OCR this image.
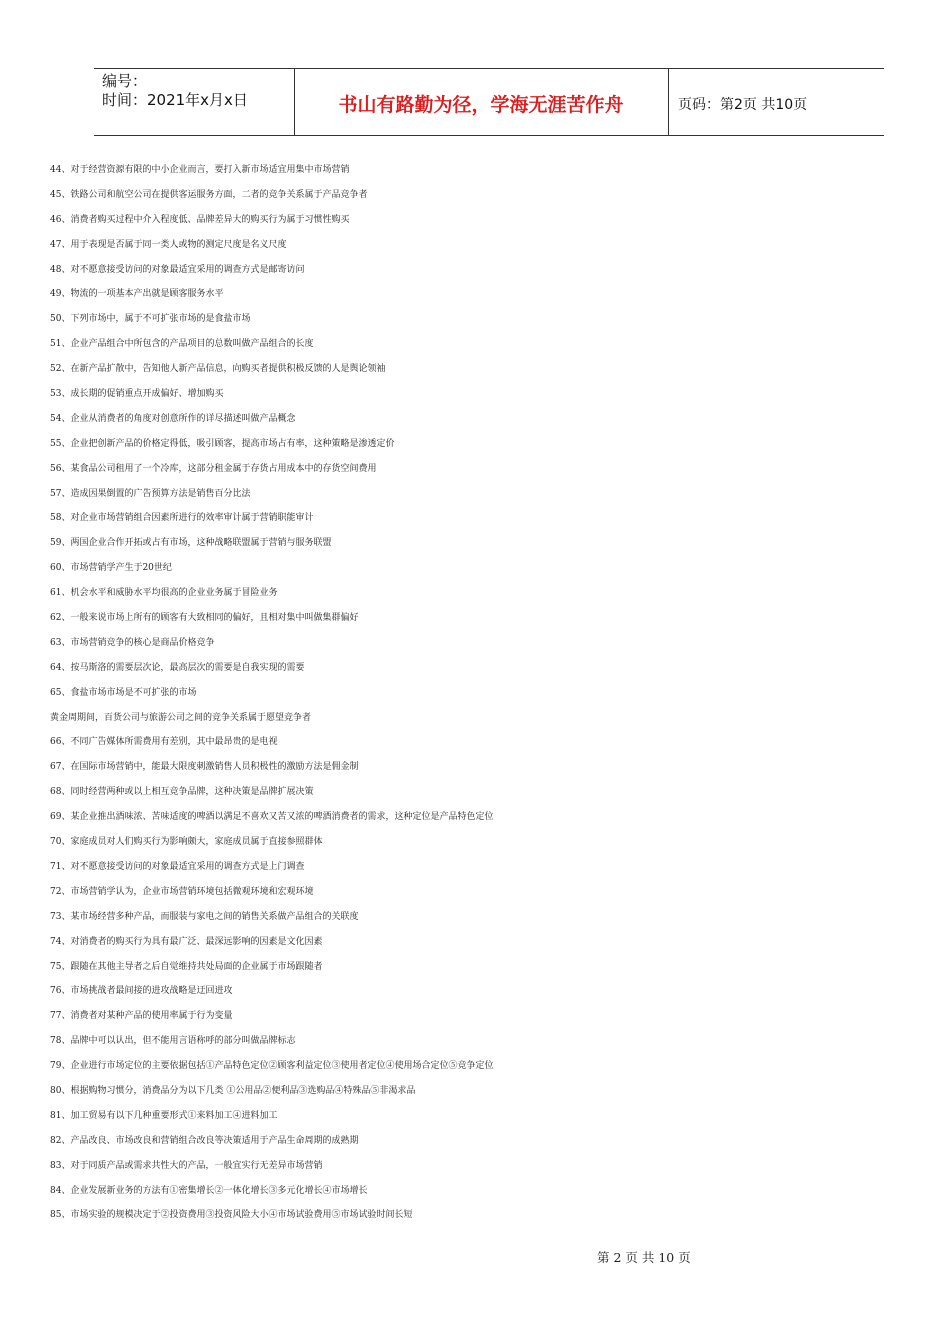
编号：
时间：2021年x月x日	书山有路勤为径，学海无涯苦作舟	页码：第2页 共10页
44、对于经营资源有限的中小企业而言，要打入新市场适宜用集中市场营销
45、铁路公司和航空公司在提供客运服务方面，二者的竞争关系属于产品竞争者
46、消费者购买过程中介入程度低、品牌差异大的购买行为属于习惯性购买
47、用于表现是否属于同一类人或物的测定尺度是名义尺度
48、对不愿意接受访问的对象最适宜采用的调查方式是邮寄访问
49、物流的一项基本产出就是顾客服务水平
50、下列市场中，属于不可扩张市场的是食盐市场
51、企业产品组合中所包含的产品项目的总数叫做产品组合的长度
52、在新产品扩散中，告知他人新产品信息，向购买者提供积极反馈的人是舆论领袖
53、成长期的促销重点开成偏好、增加购买
54、企业从消费者的角度对创意所作的详尽描述叫做产品概念
55、企业把创新产品的价格定得低，吸引顾客，提高市场占有率，这种策略是渗透定价
56、某食品公司租用了一个冷库，这部分租金属于存货占用成本中的存货空间费用
57、造成因果倒置的广告预算方法是销售百分比法
58、对企业市场营销组合因素所进行的效率审计属于营销职能审计
59、两国企业合作开拓或占有市场，这种战略联盟属于营销与服务联盟
60、市场营销学产生于20世纪
61、机会水平和威胁水平均很高的企业业务属于冒险业务
62、一般来说市场上所有的顾客有大致相同的偏好，且相对集中叫做集群偏好
63、市场营销竞争的核心是商品价格竞争
64、按马斯洛的需要层次论，最高层次的需要是自我实现的需要
65、食盐市场市场是不可扩张的市场
黄金周期间，百货公司与旅游公司之间的竞争关系属于愿望竞争者
66、不同广告媒体所需费用有差别，其中最昂贵的是电视
67、在国际市场营销中，能最大限度刺激销售人员积极性的激励方法是佣金制
68、同时经营两种或以上相互竞争品牌，这种决策是品牌扩展决策
69、某企业推出酒味浓、苦味适度的啤酒以满足不喜欢又苦又浓的啤酒消费者的需求，这种定位是产品特色定位
70、家庭成员对人们购买行为影响颇大，家庭成员属于直接参照群体
71、对不愿意接受访问的对象最适宜采用的调查方式是上门调查
72、市场营销学认为，企业市场营销环境包括微观环境和宏观环境
73、某市场经营多种产品，而服装与家电之间的销售关系做产品组合的关联度
74、对消费者的购买行为具有最广泛、最深远影响的因素是文化因素
75、跟随在其他主导者之后自觉维持共处局面的企业属于市场跟随者
76、市场挑战者最间接的进攻战略是迂回进攻
77、消费者对某种产品的使用率属于行为变量
78、品牌中可以认出，但不能用言语称呼的部分叫做品牌标志
79、企业进行市场定位的主要依据包括①产品特色定位②顾客利益定位③使用者定位④使用场合定位⑤竞争定位
80、根据购物习惯分，消费品分为以下几类 ①公用品②便利品③选购品④特殊品⑤非渴求品
81、加工贸易有以下几种重要形式①来料加工④进料加工
82、产品改良、市场改良和营销组合改良等决策适用于产品生命周期的成熟期
83、对于同质产品或需求共性大的产品，一般宜实行无差异市场营销
84、企业发展新业务的方法有①密集增长②一体化增长③多元化增长④市场增长
85、市场实验的规模决定于②投资费用③投资风险大小④市场试验费用⑤市场试验时间长短
第 2 页 共 10 页
